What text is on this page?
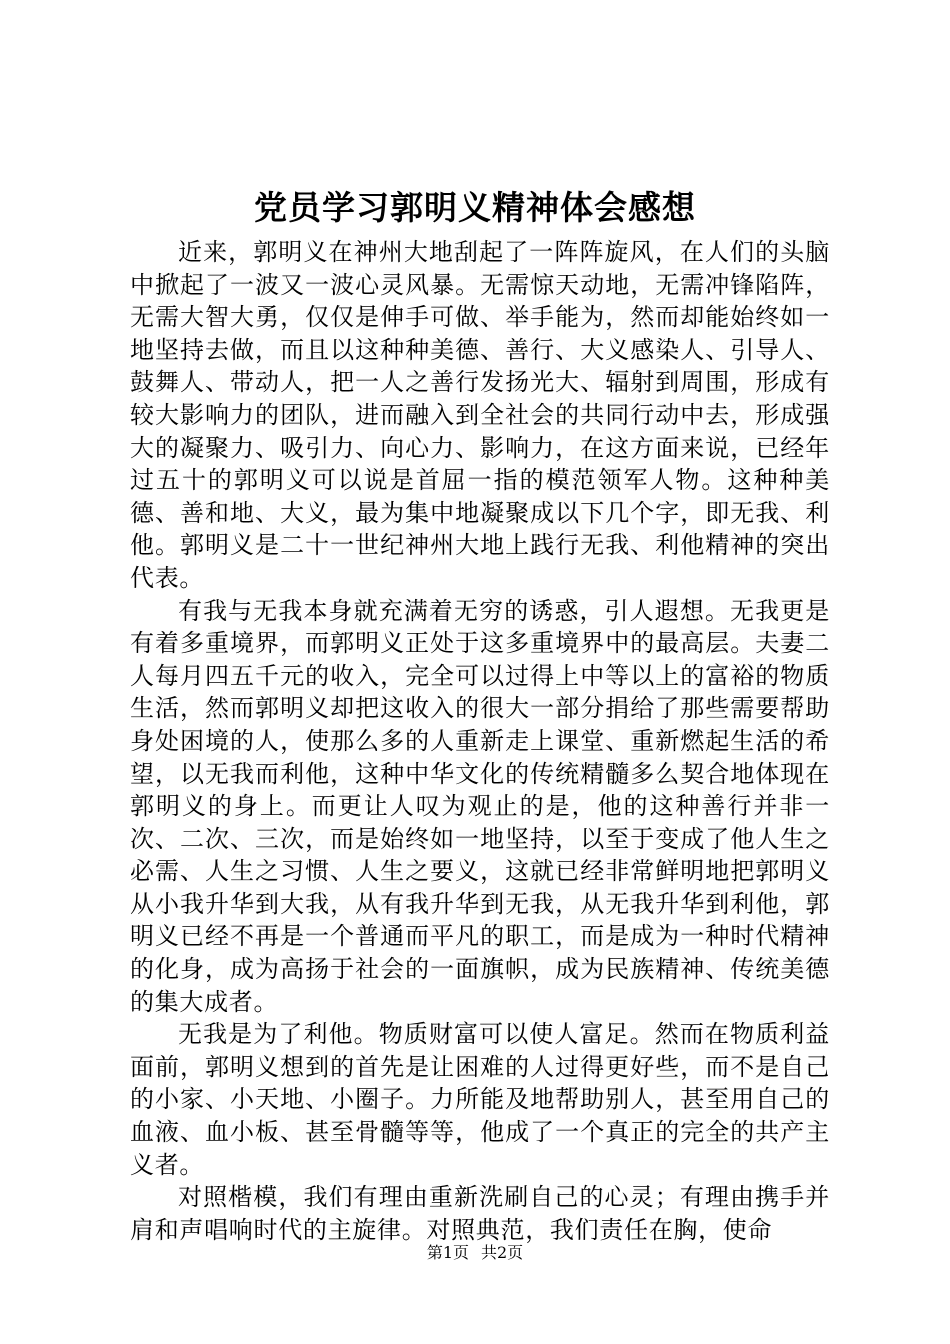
党员学习郭明义精神体会感想

近来，郭明义在神州大地刮起了一阵阵旋风，在人们的头脑中掀起了一波又一波心灵风暴。无需惊天动地，无需冲锋陷阵，无需大智大勇，仅仅是伸手可做、举手能为，然而却能始终如一地坚持去做，而且以这种种美德、善行、大义感染人、引导人、鼓舞人、带动人，把一人之善行发扬光大、辐射到周围，形成有较大影响力的团队，进而融入到全社会的共同行动中去，形成强大的凝聚力、吸引力、向心力、影响力，在这方面来说，已经年过五十的郭明义可以说是首屈一指的模范领军人物。这种种美德、善和地、大义，最为集中地凝聚成以下几个字，即无我、利他。郭明义是二十一世纪神州大地上践行无我、利他精神的突出代表。

有我与无我本身就充满着无穷的诱惑，引人遐想。无我更是有着多重境界，而郭明义正处于这多重境界中的最高层。夫妻二人每月四五千元的收入，完全可以过得上中等以上的富裕的物质生活，然而郭明义却把这收入的很大一部分捐给了那些需要帮助身处困境的人，使那么多的人重新走上课堂、重新燃起生活的希望，以无我而利他，这种中华文化的传统精髓多么契合地体现在郭明义的身上。而更让人叹为观止的是，他的这种善行并非一次、二次、三次，而是始终如一地坚持，以至于变成了他人生之必需、人生之习惯、人生之要义，这就已经非常鲜明地把郭明义从小我升华到大我，从有我升华到无我，从无我升华到利他，郭明义已经不再是一个普通而平凡的职工，而是成为一种时代精神的化身，成为高扬于社会的一面旗帜，成为民族精神、传统美德的集大成者。

无我是为了利他。物质财富可以使人富足。然而在物质利益面前，郭明义想到的首先是让困难的人过得更好些，而不是自己的小家、小天地、小圈子。力所能及地帮助别人，甚至用自己的血液、血小板、甚至骨髓等等，他成了一个真正的完全的共产主义者。

对照楷模，我们有理由重新洗刷自己的心灵；有理由携手并肩和声唱响时代的主旋律。对照典范，我们责任在胸，使命

第1页 共2页
